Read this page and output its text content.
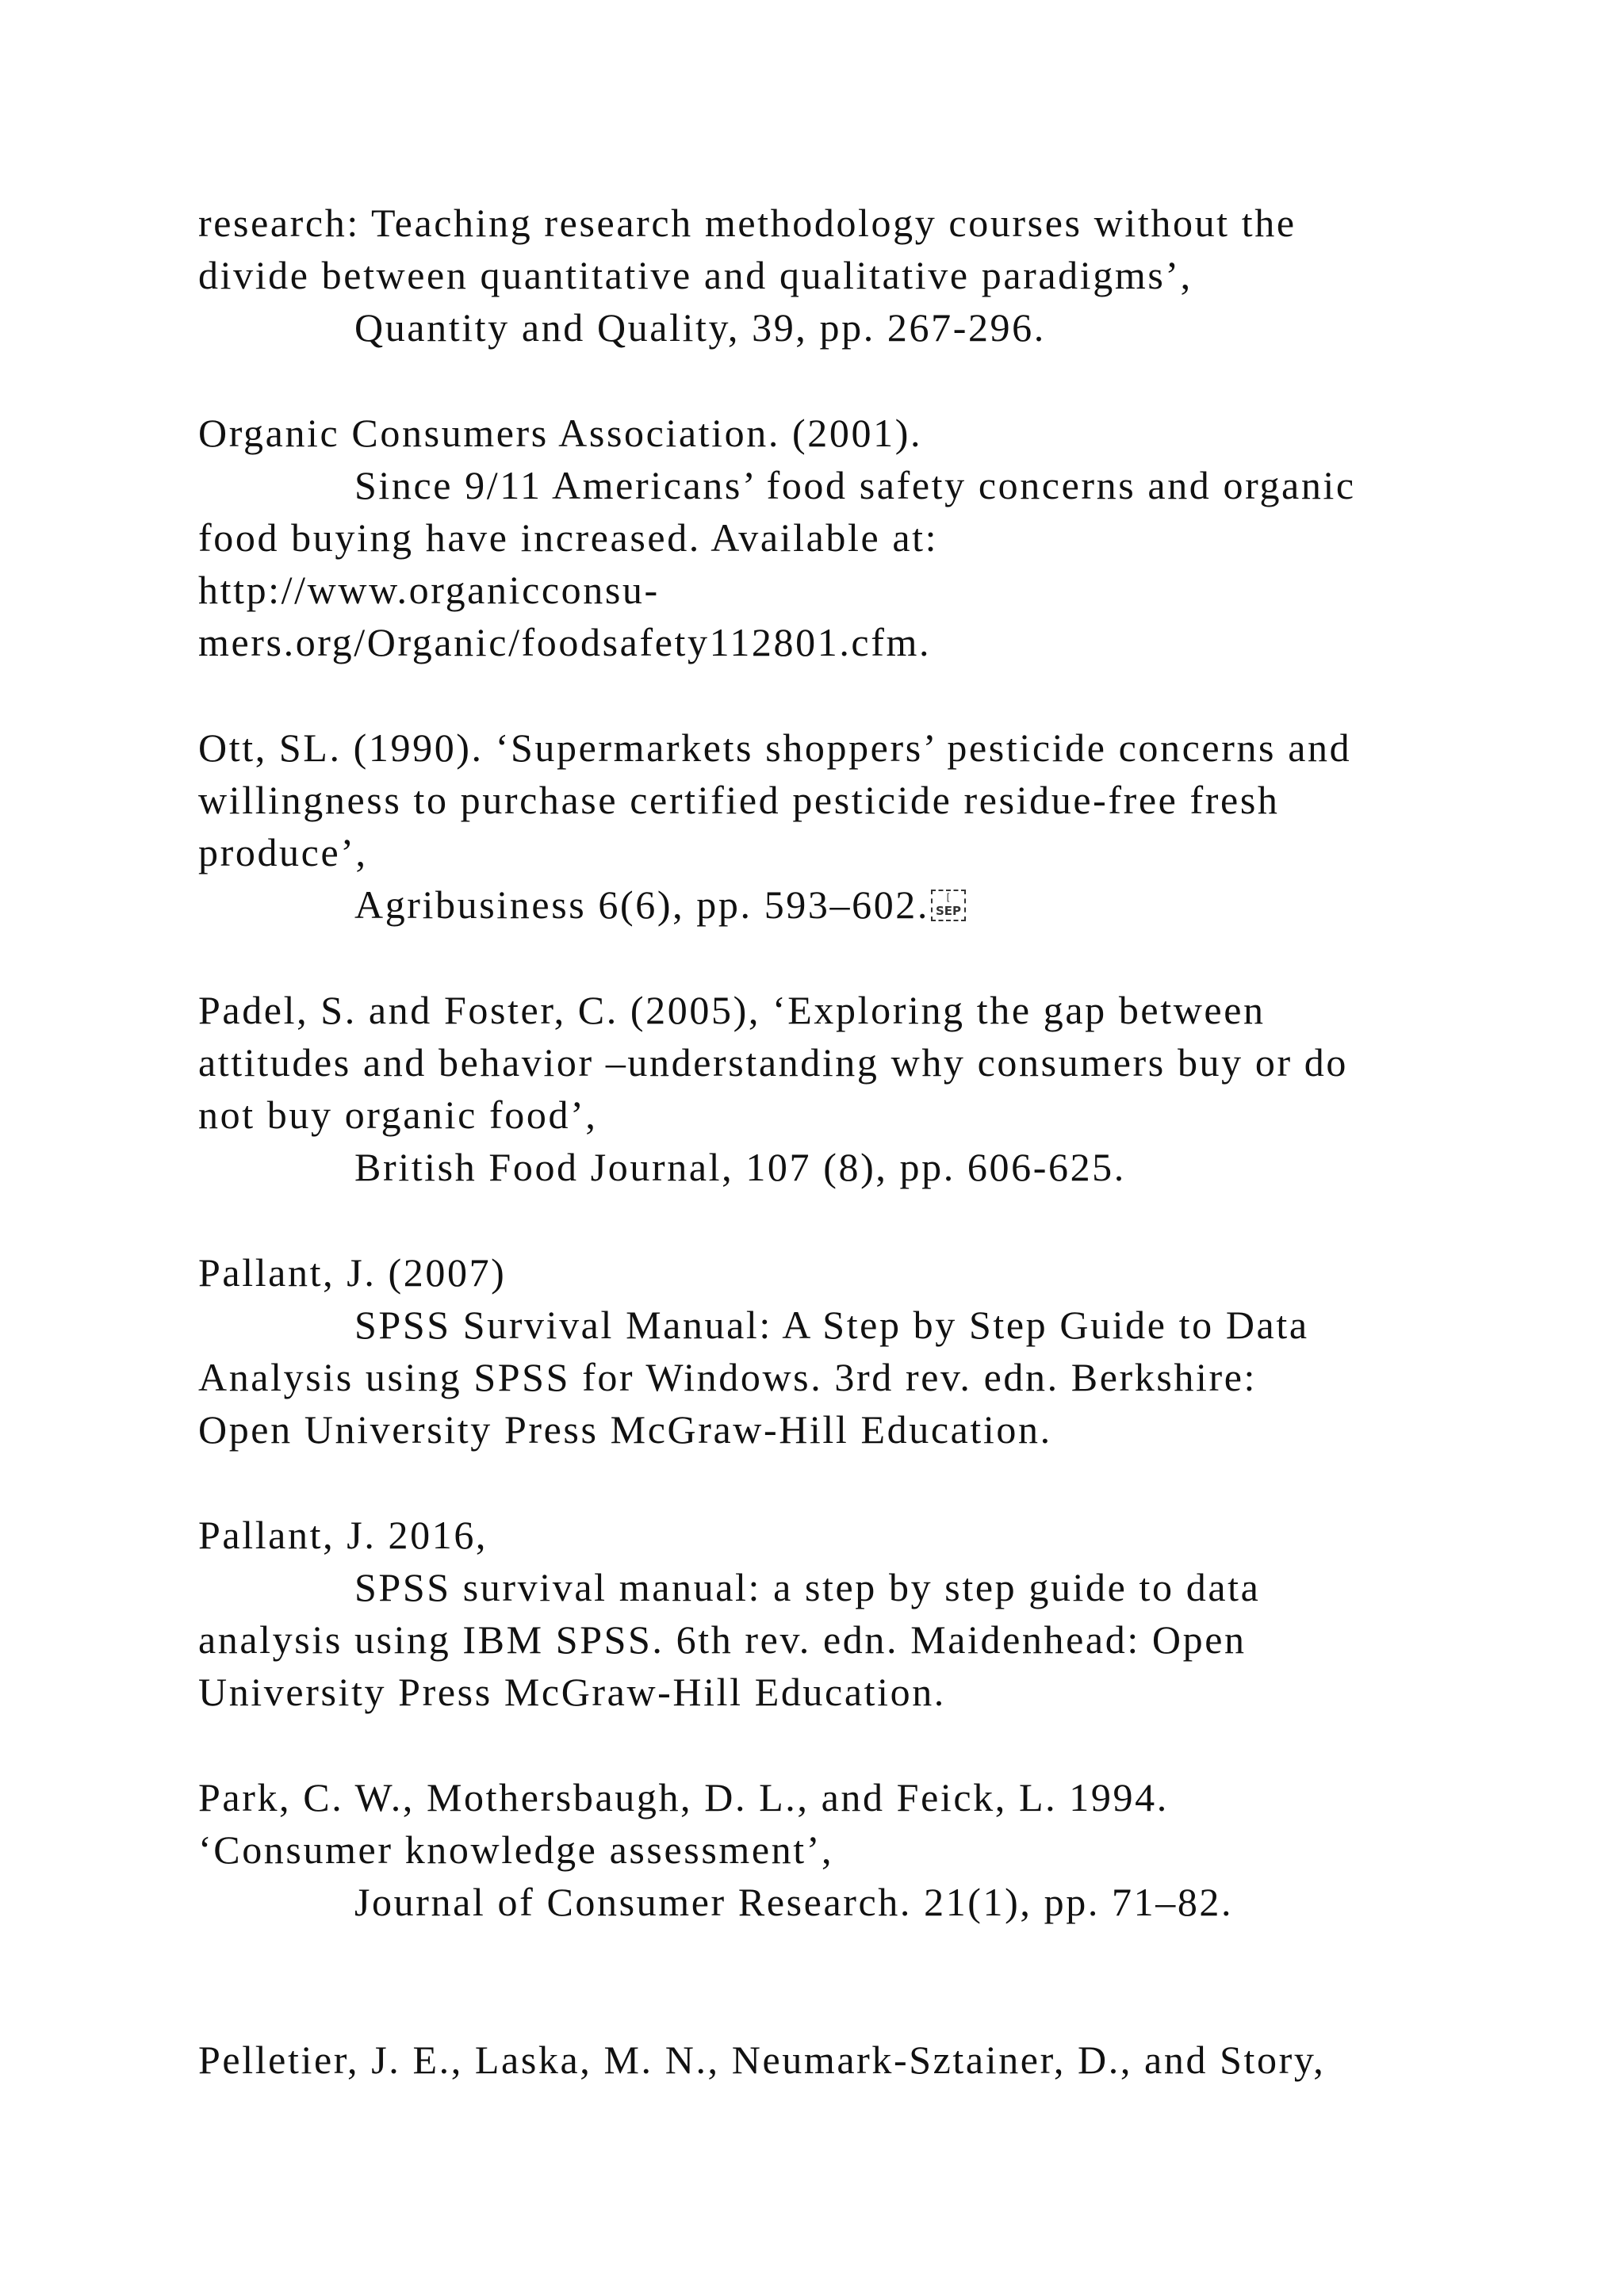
research: Teaching research methodology courses without the
divide between quantitative and qualitative paradigms’,
Quantity and Quality, 39, pp. 267-296.
Organic Consumers Association. (2001).
Since 9/11 Americans’ food safety concerns and organic
food buying have increased. Available at:
http://www.organicconsu-
mers.org/Organic/foodsafety112801.cfm.
Ott, SL. (1990). ‘Supermarkets shoppers’ pesticide concerns and
willingness to purchase certified pesticide residue-free fresh
produce’,
Agribusiness 6(6), pp. 593–602.	[
SEP
Padel, S. and Foster, C. (2005), ‘Exploring the gap between
attitudes and behavior –understanding why consumers buy or do
not buy organic food’,
British Food Journal, 107 (8), pp. 606-625.
Pallant, J. (2007)
SPSS Survival Manual: A Step by Step Guide to Data
Analysis using SPSS for Windows. 3rd rev. edn. Berkshire:
Open University Press McGraw-Hill Education.
Pallant, J. 2016,
SPSS survival manual: a step by step guide to data
analysis using IBM SPSS. 6th rev. edn. Maidenhead: Open
University Press McGraw-Hill Education.
Park, C. W., Mothersbaugh, D. L., and Feick, L. 1994.
‘Consumer knowledge assessment’,
Journal of Consumer Research. 21(1), pp. 71–82.
Pelletier, J. E., Laska, M. N., Neumark-Sztainer, D., and Story,
